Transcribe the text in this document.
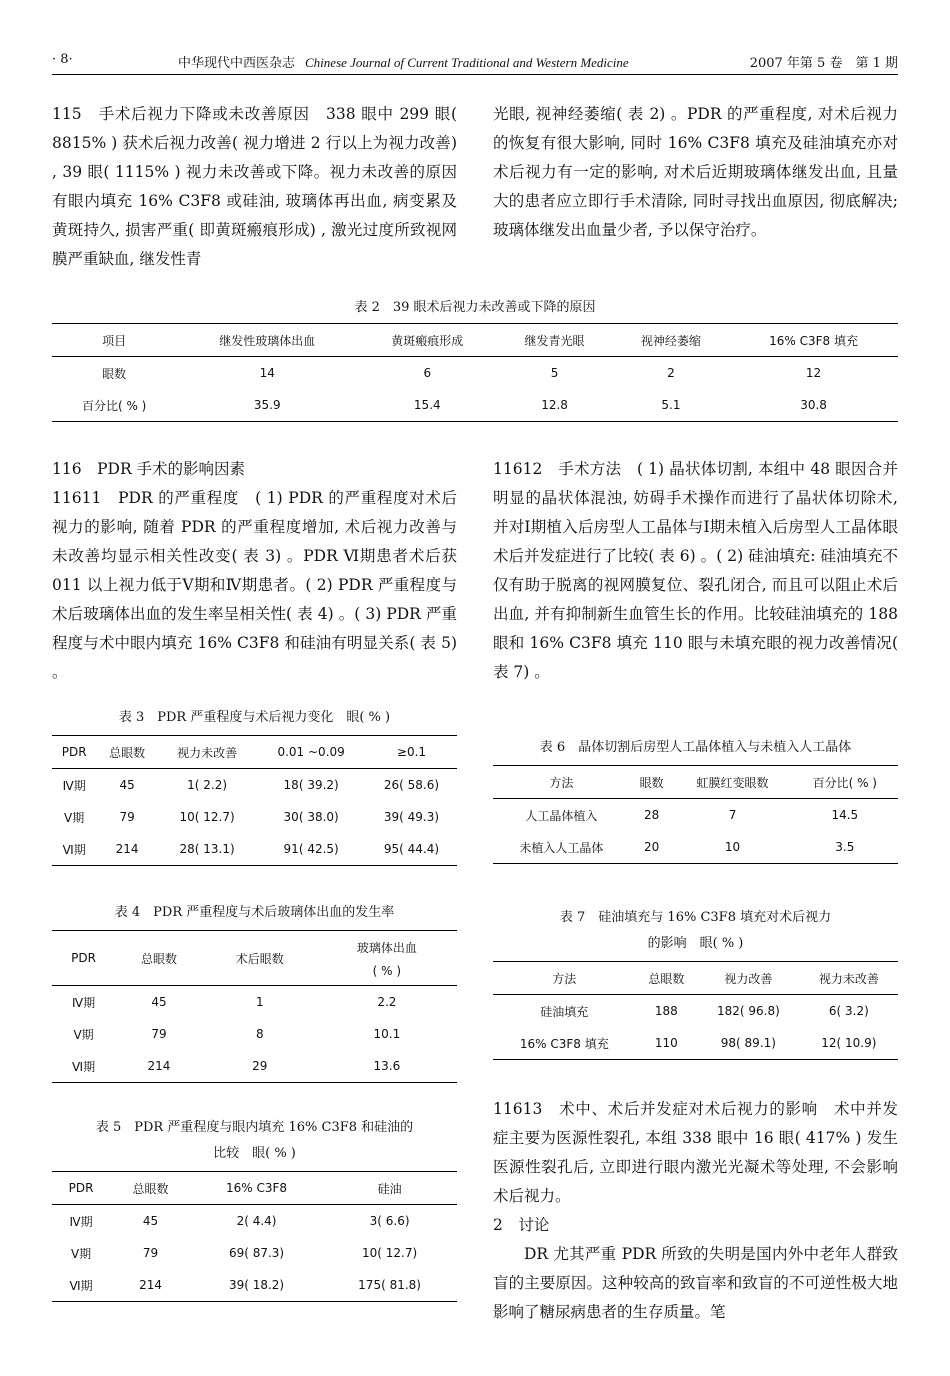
· 8·	中华现代中西医杂志 Chinese Journal of Current Traditional and Western Medicine	2007 年第 5 卷　第 1 期

115　手术后视力下降或未改善原因　338 眼中 299 眼( 8815% ) 获术后视力改善( 视力增进 2 行以上为视力改善) , 39 眼( 1115% ) 视力未改善或下降。视力未改善的原因有眼内填充 16% C3F8 或硅油, 玻璃体再出血, 病变累及黄斑持久, 损害严重( 即黄斑瘢痕形成) , 激光过度所致视网膜严重缺血, 继发性青

光眼, 视神经萎缩( 表 2) 。PDR 的严重程度, 对术后视力的恢复有很大影响, 同时 16% C3F8 填充及硅油填充亦对术后视力有一定的影响, 对术后近期玻璃体继发出血, 且量大的患者应立即行手术清除, 同时寻找出血原因, 彻底解决; 玻璃体继发出血量少者, 予以保守治疗。

表 2　39 眼术后视力未改善或下降的原因
项目	继发性玻璃体出血	黄斑瘢痕形成	继发青光眼	视神经萎缩	16% C3F8 填充
眼数	14	6	5	2	12
百分比( % )	35.9	15.4	12.8	5.1	30.8

116　PDR 手术的影响因素

11611　PDR 的严重程度　( 1) PDR 的严重程度对术后视力的影响, 随着 PDR 的严重程度增加, 术后视力改善与未改善均显示相关性改变( 表 3) 。PDR Ⅵ期患者术后获 011 以上视力低于Ⅴ期和Ⅳ期患者。( 2) PDR 严重程度与术后玻璃体出血的发生率呈相关性( 表 4) 。( 3) PDR 严重程度与术中眼内填充 16% C3F8 和硅油有明显关系( 表 5) 。

表 3　PDR 严重程度与术后视力变化　眼( % )
PDR	总眼数	视力未改善	0.01 ~0.09	≥0.1
Ⅳ期	45	1( 2.2)	18( 39.2)	26( 58.6)
Ⅴ期	79	10( 12.7)	30( 38.0)	39( 49.3)
Ⅵ期	214	28( 13.1)	91( 42.5)	95( 44.4)
表 4　PDR 严重程度与术后玻璃体出血的发生率
PDR	总眼数	术后眼数	玻璃体出血
( % )

Ⅳ期	45	1	2.2
Ⅴ期	79	8	10.1
Ⅵ期	214	29	13.6
表 5　PDR 严重程度与眼内填充 16% C3F8 和硅油的
比较　眼( % )
PDR	总眼数	16% C3F8	硅油
Ⅳ期	45	2( 4.4)	3( 6.6)
Ⅴ期	79	69( 87.3)	10( 12.7)
Ⅵ期	214	39( 18.2)	175( 81.8)

11612　手术方法　( 1) 晶状体切割, 本组中 48 眼因合并明显的晶状体混浊, 妨碍手术操作而进行了晶状体切除术, 并对Ⅰ期植入后房型人工晶体与Ⅰ期未植入后房型人工晶体眼术后并发症进行了比较( 表 6) 。( 2) 硅油填充: 硅油填充不仅有助于脱离的视网膜复位、裂孔闭合, 而且可以阻止术后出血, 并有抑制新生血管生长的作用。比较硅油填充的 188 眼和 16% C3F8 填充 110 眼与未填充眼的视力改善情况( 表 7) 。

表 6　晶体切割后房型人工晶体植入与未植入人工晶体
方法	眼数	虹膜红变眼数	百分比( % )
人工晶体植入	28	7	14.5
未植入人工晶体	20	10	3.5
表 7　硅油填充与 16% C3F8 填充对术后视力
的影响　眼( % )
方法	总眼数	视力改善	视力未改善
硅油填充	188	182( 96.8)	6( 3.2)
16% C3F8 填充	110	98( 89.1)	12( 10.9)

11613　术中、术后并发症对术后视力的影响　术中并发症主要为医源性裂孔, 本组 338 眼中 16 眼( 417% ) 发生医源性裂孔后, 立即进行眼内激光光凝术等处理, 不会影响术后视力。

2　讨论

DR 尤其严重 PDR 所致的失明是国内外中老年人群致盲的主要原因。这种较高的致盲率和致盲的不可逆性极大地影响了糖尿病患者的生存质量。笔
